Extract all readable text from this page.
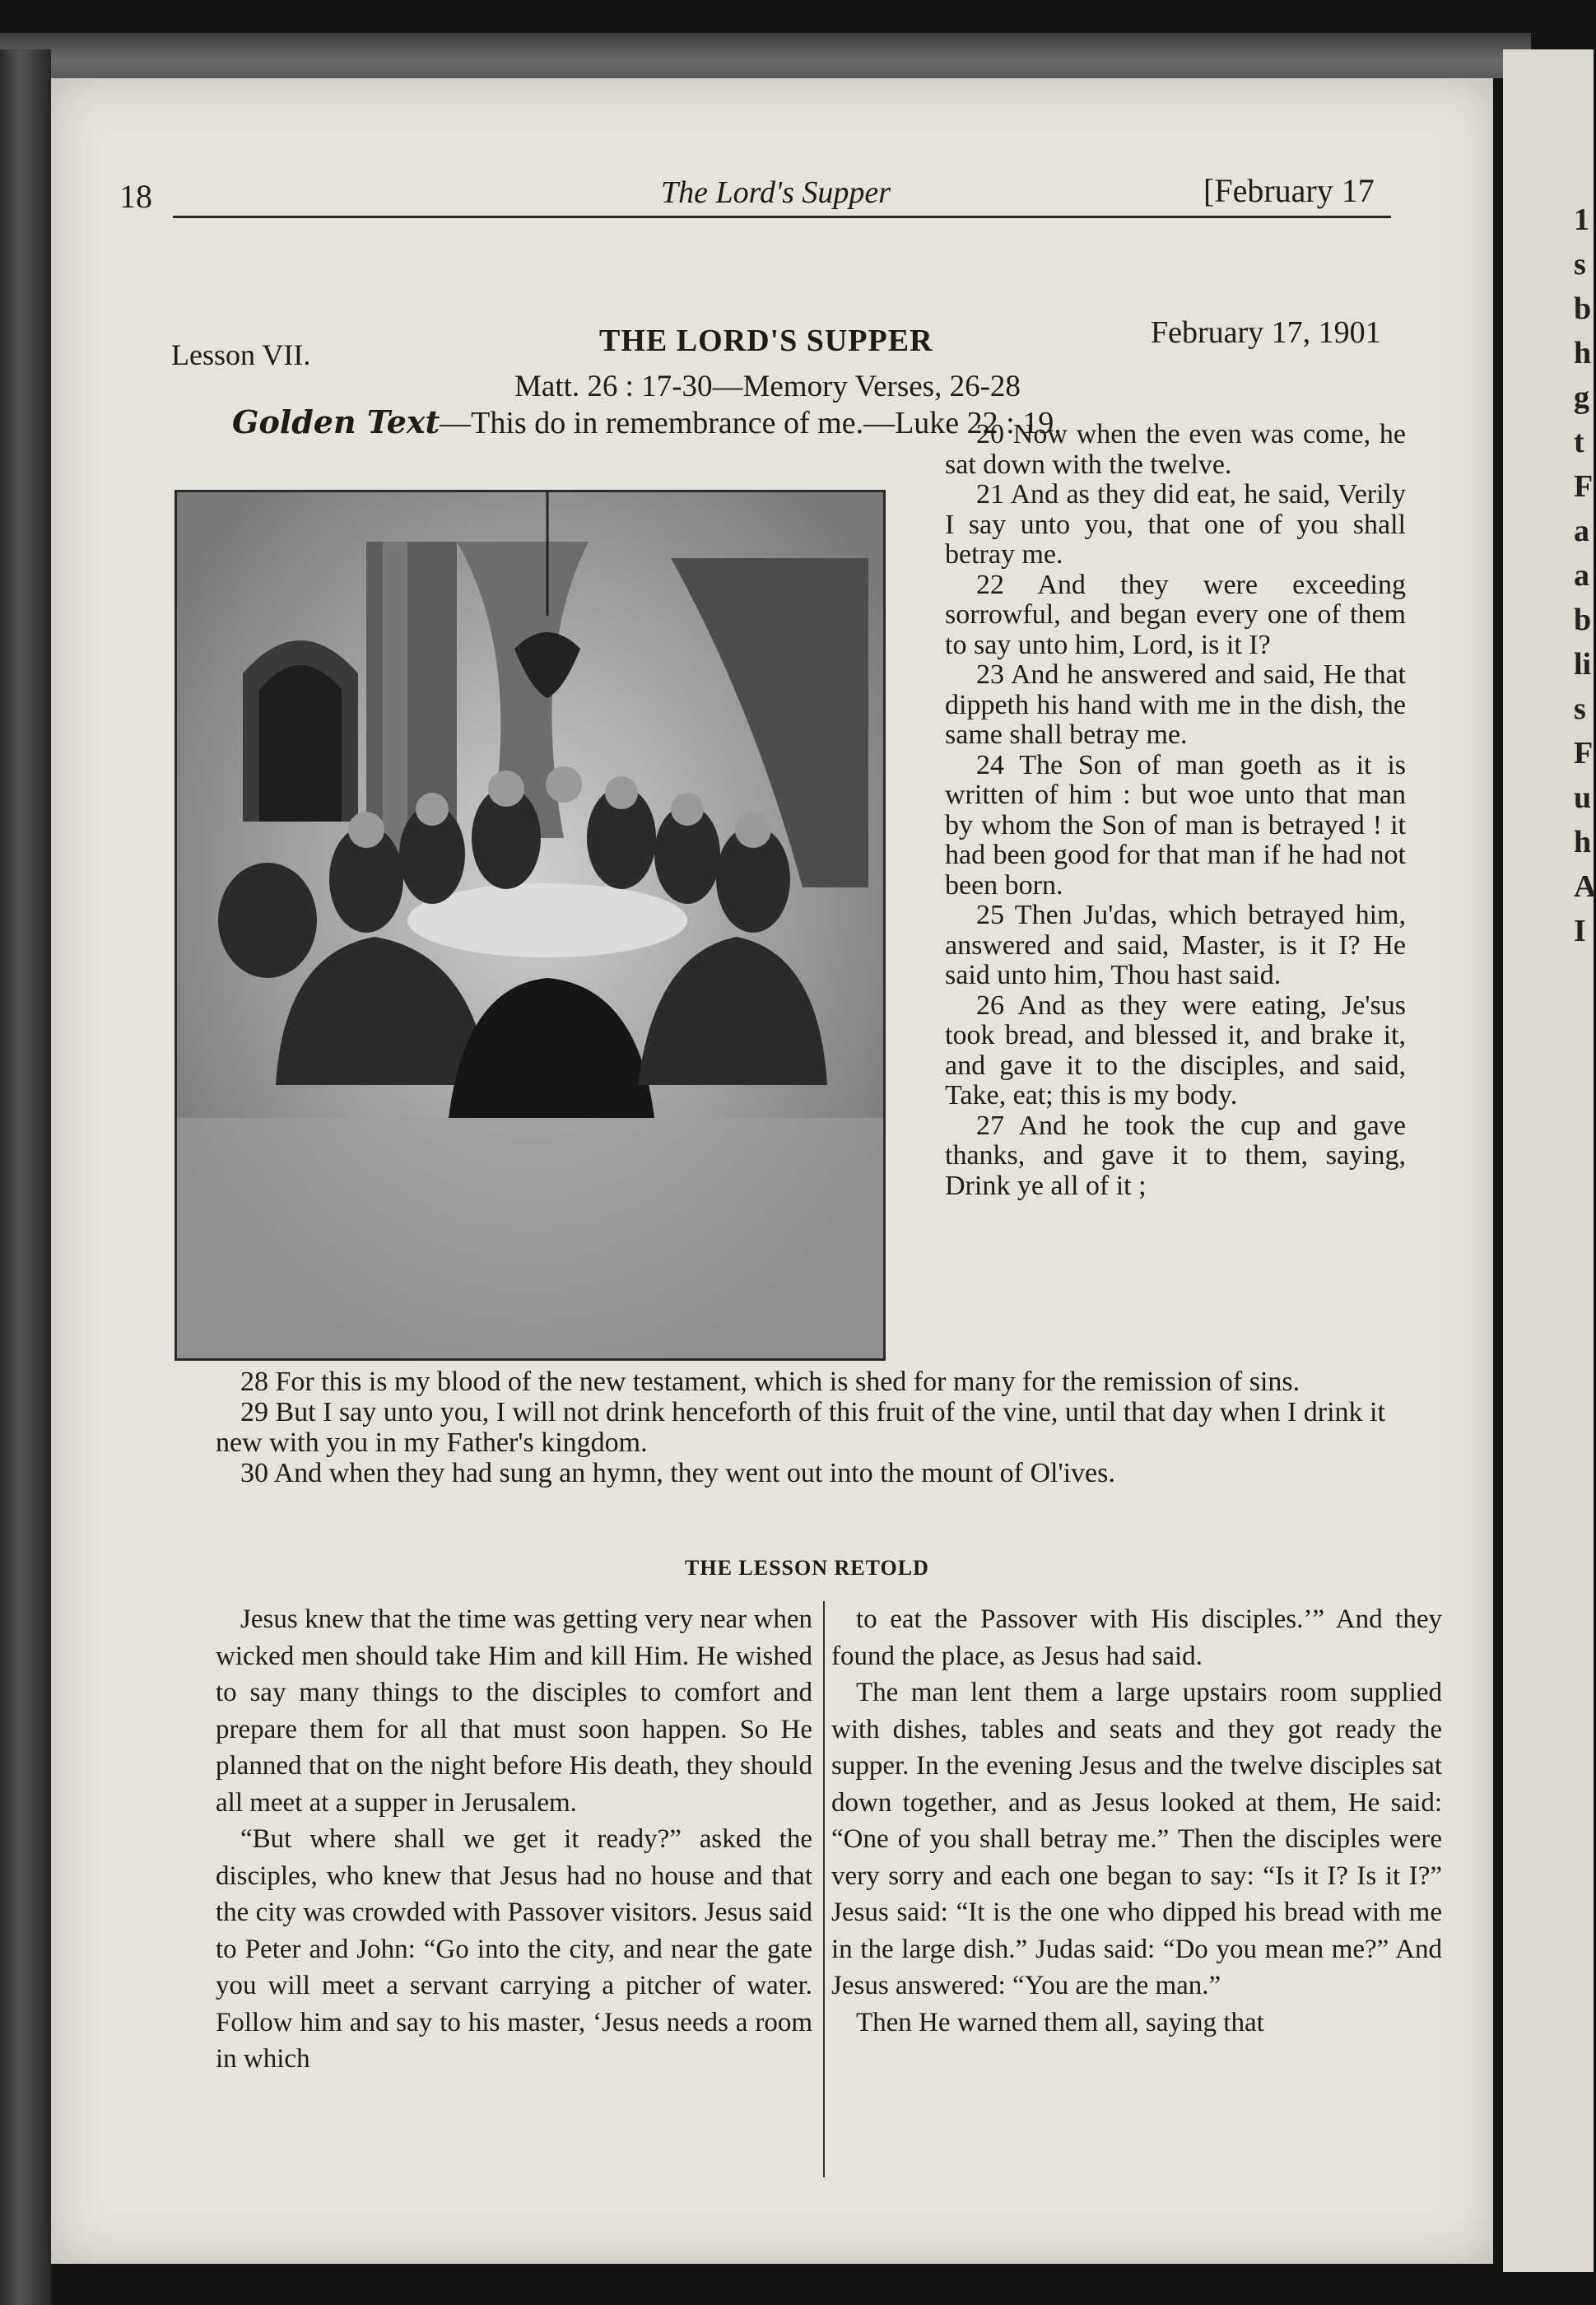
1
s
b
h
g
t
F
a
a
b
li
s
F
u
h
A
I
18	The Lord's Supper	[February 17
Lesson VII.	THE LORD'S SUPPER	February 17, 1901
Matt. 26 : 17-30—Memory Verses, 26-28
Golden Text—This do in remembrance of me.—Luke 22 : 19.

20 Now when the even was come, he sat down with the twelve.

21 And as they did eat, he said, Verily I say unto you, that one of you shall betray me.

22 And they were exceeding sorrowful, and began every one of them to say unto him, Lord, is it I?

23 And he answered and said, He that dippeth his hand with me in the dish, the same shall betray me.

24 The Son of man goeth as it is written of him : but woe unto that man by whom the Son of man is betrayed ! it had been good for that man if he had not been born.

25 Then Ju'das, which betrayed him, answered and said, Master, is it I? He said unto him, Thou hast said.

26 And as they were eating, Je'sus took bread, and blessed it, and brake it, and gave it to the disciples, and said, Take, eat; this is my body.

27 And he took the cup and gave thanks, and gave it to them, saying, Drink ye all of it ;

28 For this is my blood of the new testament, which is shed for many for the remission of sins.

29 But I say unto you, I will not drink henceforth of this fruit of the vine, until that day when I drink it new with you in my Father's kingdom.

30 And when they had sung an hymn, they went out into the mount of Ol'ives.

THE LESSON RETOLD

Jesus knew that the time was getting very near when wicked men should take Him and kill Him. He wished to say many things to the disciples to comfort and prepare them for all that must soon happen. So He planned that on the night before His death, they should all meet at a supper in Jerusalem.

“But where shall we get it ready?” asked the disciples, who knew that Jesus had no house and that the city was crowded with Passover visitors. Jesus said to Peter and John: “Go into the city, and near the gate you will meet a servant carrying a pitcher of water. Follow him and say to his master, ‘Jesus needs a room in which

to eat the Passover with His disciples.’” And they found the place, as Jesus had said.

The man lent them a large upstairs room supplied with dishes, tables and seats and they got ready the supper. In the evening Jesus and the twelve disciples sat down together, and as Jesus looked at them, He said: “One of you shall betray me.” Then the disciples were very sorry and each one began to say: “Is it I? Is it I?” Jesus said: “It is the one who dipped his bread with me in the large dish.” Judas said: “Do you mean me?” And Jesus answered: “You are the man.”

Then He warned them all, saying that
